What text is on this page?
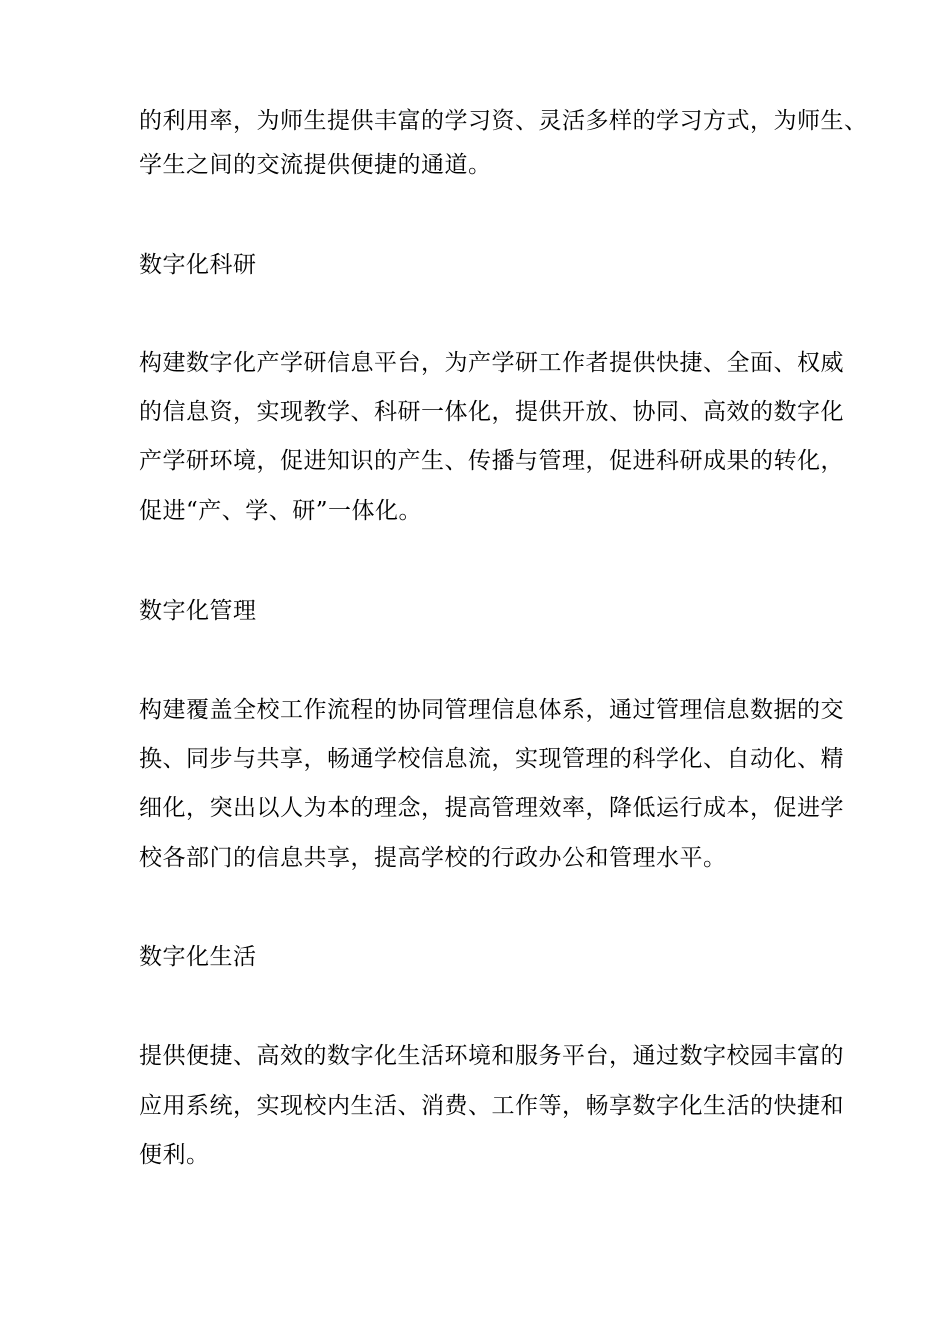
的利用率，为师生提供丰富的学习资、灵活多样的学习方式，为师生、
学生之间的交流提供便捷的通道。
数字化科研
构建数字化产学研信息平台，为产学研工作者提供快捷、全面、权威
的信息资，实现教学、科研一体化，提供开放、协同、高效的数字化
产学研环境，促进知识的产生、传播与管理，促进科研成果的转化，
促进“产、学、研”一体化。
数字化管理
构建覆盖全校工作流程的协同管理信息体系，通过管理信息数据的交
换、同步与共享，畅通学校信息流，实现管理的科学化、自动化、精
细化，突出以人为本的理念，提高管理效率，降低运行成本，促进学
校各部门的信息共享，提高学校的行政办公和管理水平。
数字化生活
提供便捷、高效的数字化生活环境和服务平台，通过数字校园丰富的
应用系统，实现校内生活、消费、工作等，畅享数字化生活的快捷和
便利。
